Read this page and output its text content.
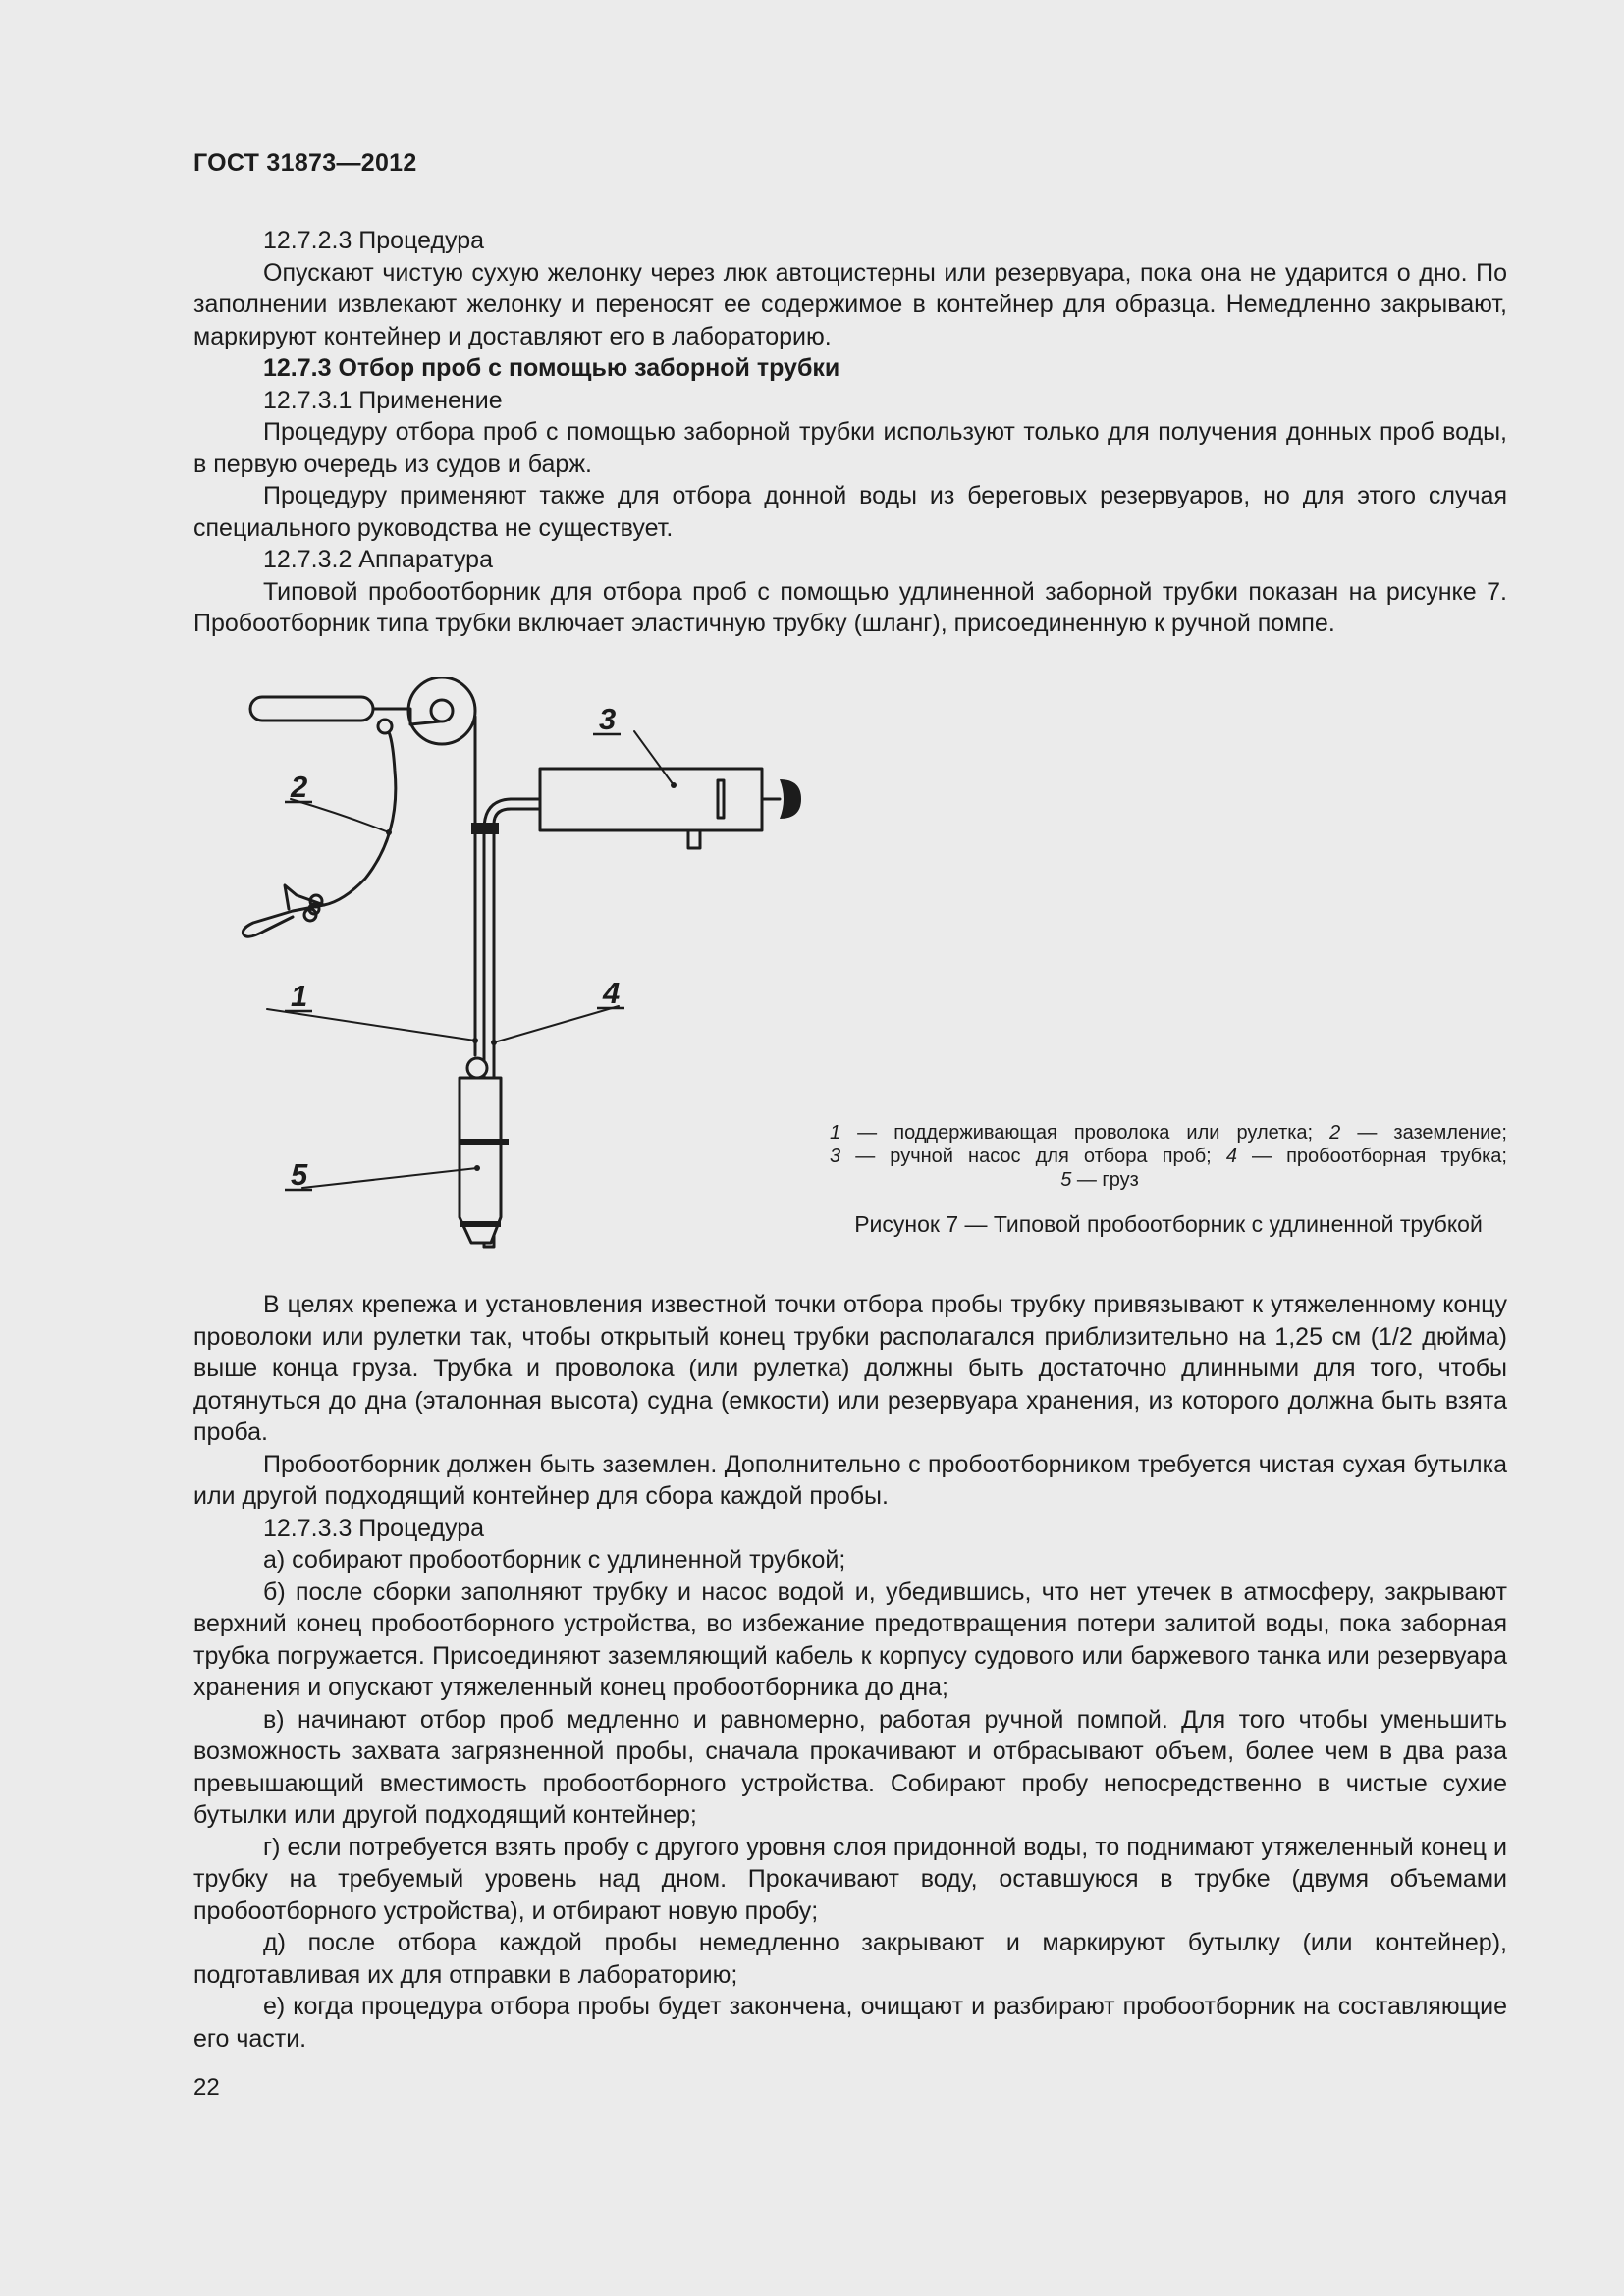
ГОСТ 31873—2012

12.7.2.3 Процедура

Опускают чистую сухую желонку через люк автоцистерны или резервуара, пока она не ударится о дно. По заполнении извлекают желонку и переносят ее содержимое в контейнер для образца. Немедленно закрывают, маркируют контейнер и доставляют его в лабораторию.

12.7.3 Отбор проб с помощью заборной трубки

12.7.3.1 Применение

Процедуру отбора проб с помощью заборной трубки используют только для получения донных проб воды, в первую очередь из судов и барж.

Процедуру применяют также для отбора донной воды из береговых резервуаров, но для этого случая специального руководства не существует.

12.7.3.2 Аппаратура

Типовой пробоотборник для отбора проб с помощью удлиненной заборной трубки показан на рисунке 7. Пробоотборник типа трубки включает эластичную трубку (шланг), присоединенную к ручной помпе.

1
2
3
4
5
1 — поддерживающая проволока или рулетка; 2 — заземление;
3 — ручной насос для отбора проб; 4 — пробоотборная трубка;
5 — груз
Рисунок 7 — Типовой пробоотборник с удлиненной трубкой

В целях крепежа и установления известной точки отбора пробы трубку привязывают к утяжеленному концу проволоки или рулетки так, чтобы открытый конец трубки располагался приблизительно на 1,25 см (1/2 дюйма) выше конца груза. Трубка и проволока (или рулетка) должны быть достаточно длинными для того, чтобы дотянуться до дна (эталонная высота) судна (емкости) или резервуара хранения, из которого должна быть взята проба.

Пробоотборник должен быть заземлен. Дополнительно с пробоотборником требуется чистая сухая бутылка или другой подходящий контейнер для сбора каждой пробы.

12.7.3.3 Процедура

а) собирают пробоотборник с удлиненной трубкой;

б) после сборки заполняют трубку и насос водой и, убедившись, что нет утечек в атмосферу, закрывают верхний конец пробоотборного устройства, во избежание предотвращения потери залитой воды, пока заборная трубка погружается. Присоединяют заземляющий кабель к корпусу судового или баржевого танка или резервуара хранения и опускают утяжеленный конец пробоотборника до дна;

в) начинают отбор проб медленно и равномерно, работая ручной помпой. Для того чтобы уменьшить возможность захвата загрязненной пробы, сначала прокачивают и отбрасывают объем, более чем в два раза превышающий вместимость пробоотборного устройства. Собирают пробу непосредственно в чистые сухие бутылки или другой подходящий контейнер;

г) если потребуется взять пробу с другого уровня слоя придонной воды, то поднимают утяжеленный конец и трубку на требуемый уровень над дном. Прокачивают воду, оставшуюся в трубке (двумя объемами пробоотборного устройства), и отбирают новую пробу;

д) после отбора каждой пробы немедленно закрывают и маркируют бутылку (или контейнер), подготавливая их для отправки в лабораторию;

е) когда процедура отбора пробы будет закончена, очищают и разбирают пробоотборник на составляющие его части.

22
